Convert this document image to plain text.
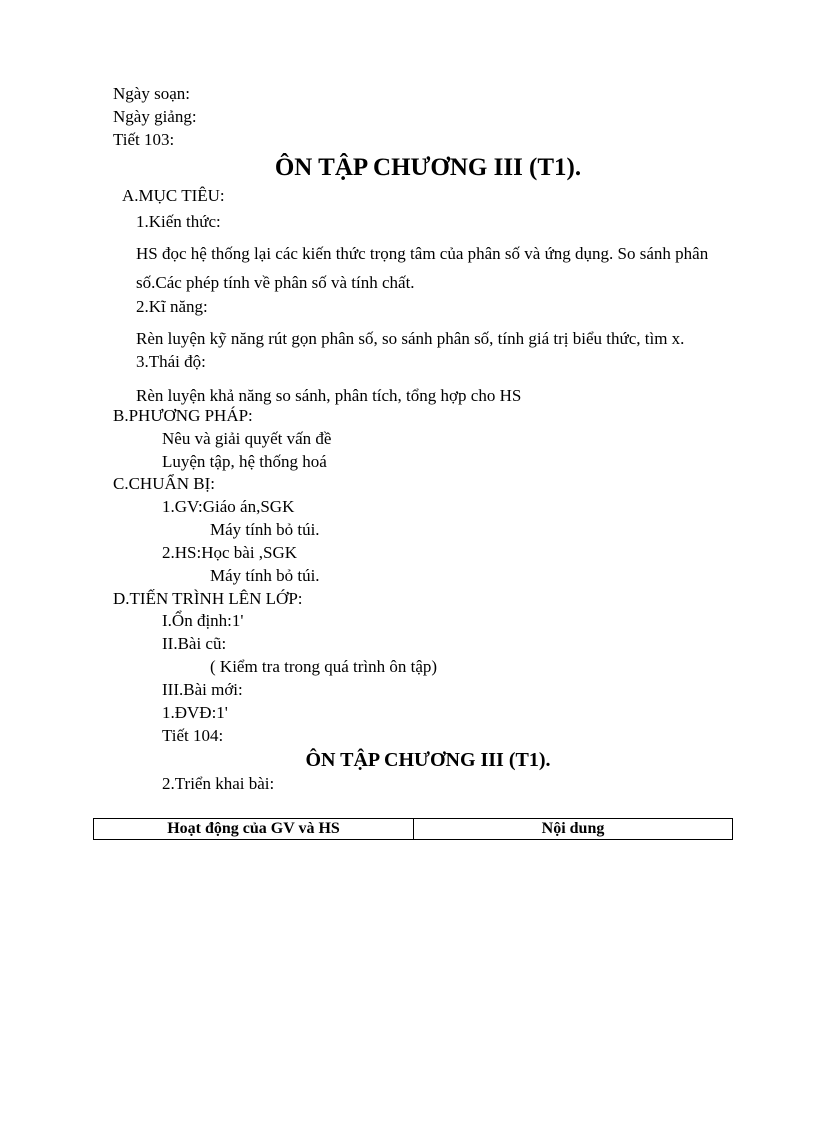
Ngày soạn:
Ngày giảng:
Tiết 103:
ÔN TẬP CHƯƠNG III (T1).
A.MỤC TIÊU:
1.Kiến thức:
HS đọc hệ thống lại các kiến thức trọng tâm của phân số và ứng dụng. So sánh phân
số.Các phép tính về phân số và tính chất.
2.Kĩ năng:
Rèn luyện kỹ năng rút gọn phân số, so sánh phân số, tính giá trị biểu thức, tìm x.
3.Thái độ:
Rèn luyện khả năng so sánh, phân tích, tổng hợp cho HS
B.PHƯƠNG PHÁP:
Nêu và giải quyết vấn đề
Luyện tập, hệ thống hoá
C.CHUẨN BỊ:
1.GV:Giáo án,SGK
Máy tính bỏ túi.
2.HS:Học bài ,SGK
Máy tính bỏ túi.
D.TIẾN TRÌNH LÊN LỚP:
I.Ổn định:1'
II.Bài cũ:
( Kiểm tra trong quá trình ôn tập)
III.Bài mới:
1.ĐVĐ:1'
Tiết 104:
ÔN TẬP CHƯƠNG III (T1).
2.Triển khai bài:
Hoạt động của GV và HS	Nội dung
